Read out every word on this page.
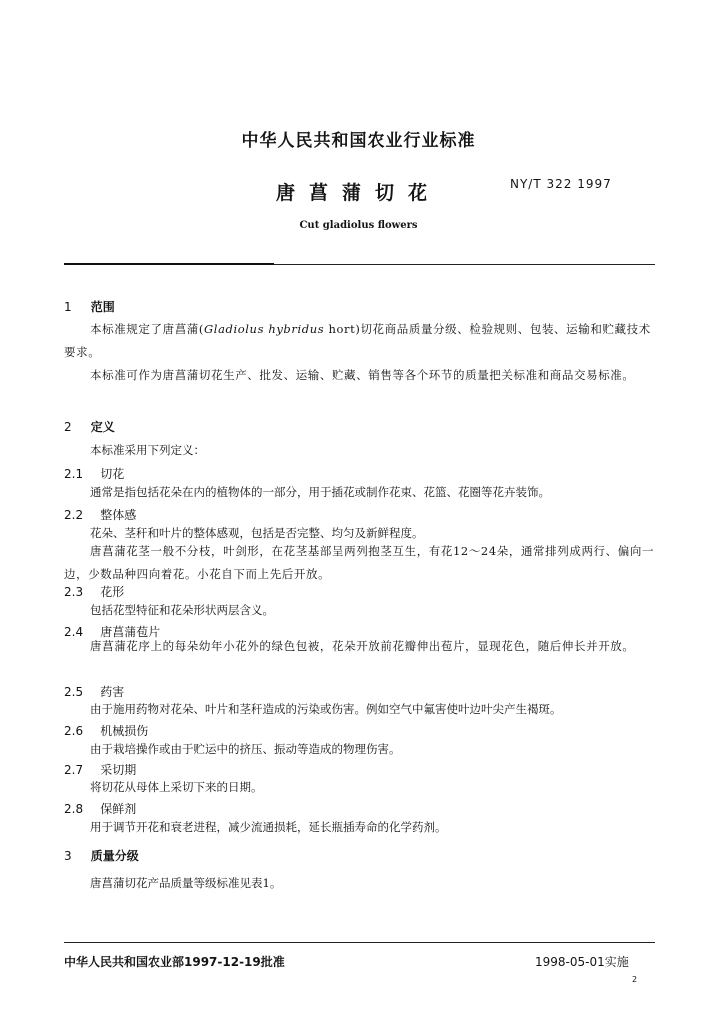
中华人民共和国农业行业标准
唐菖蒲切花	NY/T 322 1997
Cut gladiolus flowers
1 范围
本标准规定了唐菖蒲(Gladiolus hybridus hort)切花商品质量分级、检验规则、包装、运输和贮藏技术要求。
本标准可作为唐菖蒲切花生产、批发、运输、贮藏、销售等各个环节的质量把关标准和商品交易标准。
2 定义
本标准采用下列定义：
2.1 切花
通常是指包括花朵在内的植物体的一部分，用于插花或制作花束、花篮、花圈等花卉装饰。
2.2 整体感
花朵、茎秆和叶片的整体感观，包括是否完整、均匀及新鲜程度。
唐菖蒲花茎一般不分枝，叶剑形，在花茎基部呈两列抱茎互生，有花12～24朵，通常排列成两行、偏向一边，少数品种四向着花。小花自下而上先后开放。
2.3 花形
包括花型特征和花朵形状两层含义。
2.4 唐菖蒲苞片
唐菖蒲花序上的每朵幼年小花外的绿色包被，花朵开放前花瓣伸出苞片，显现花色，随后伸长并开放。
2.5 药害
由于施用药物对花朵、叶片和茎秆造成的污染或伤害。例如空气中氟害使叶边叶尖产生褐斑。
2.6 机械损伤
由于栽培操作或由于贮运中的挤压、振动等造成的物理伤害。
2.7 采切期
将切花从母体上采切下来的日期。
2.8 保鲜剂
用于调节开花和衰老进程，减少流通损耗，延长瓶插寿命的化学药剂。
3 质量分级
唐菖蒲切花产品质量等级标准见表1。
中华人民共和国农业部1997-12-19批准	1998-05-01实施
2
